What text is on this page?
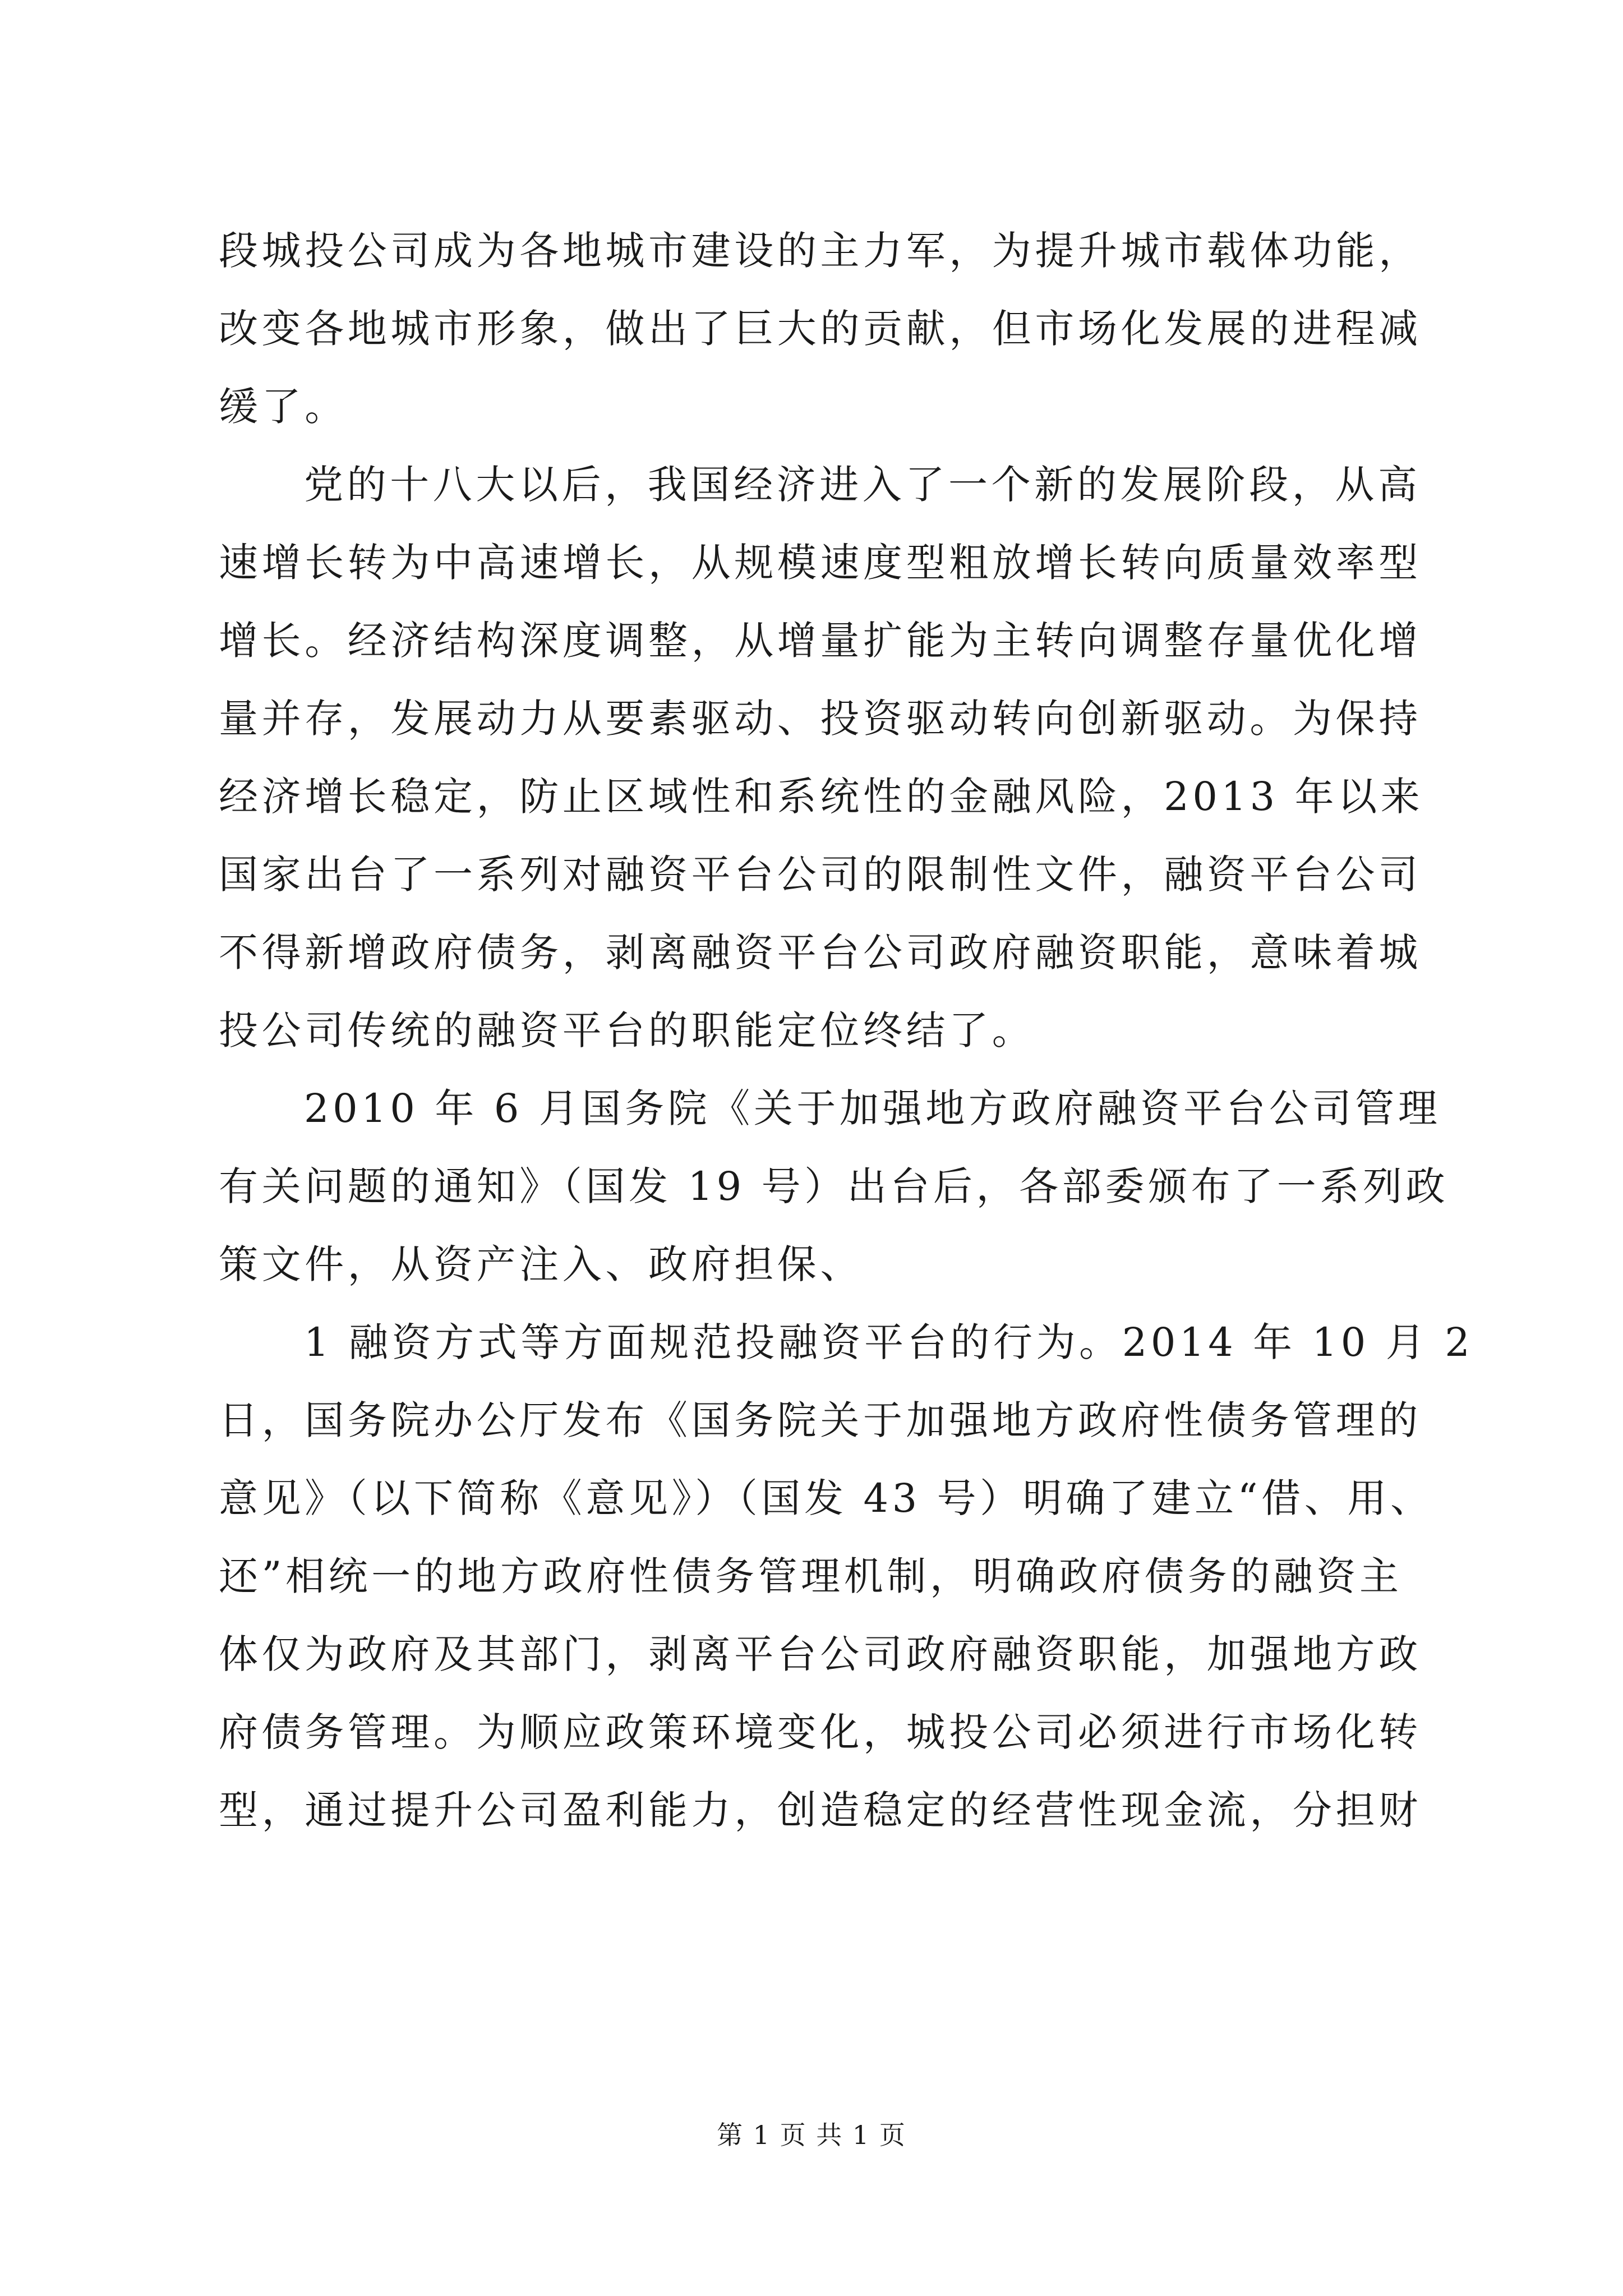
段城投公司成为各地城市建设的主力军，为提升城市载体功能，
改变各地城市形象，做出了巨大的贡献，但市场化发展的进程减
缓了。
党的十八大以后，我国经济进入了一个新的发展阶段，从高
速增长转为中高速增长，从规模速度型粗放增长转向质量效率型
增长。经济结构深度调整，从增量扩能为主转向调整存量优化增
量并存，发展动力从要素驱动、投资驱动转向创新驱动。为保持
经济增长稳定，防止区域性和系统性的金融风险，2013 年以来
国家出台了一系列对融资平台公司的限制性文件，融资平台公司
不得新增政府债务，剥离融资平台公司政府融资职能，意味着城
投公司传统的融资平台的职能定位终结了。
2010 年 6 月国务院《关于加强地方政府融资平台公司管理
有关问题的通知》（国发 19 号）出台后，各部委颁布了一系列政
策文件，从资产注入、政府担保、
1 融资方式等方面规范投融资平台的行为。2014 年 10 月 2
日，国务院办公厅发布《国务院关于加强地方政府性债务管理的
意见》（以下简称《意见》）（国发 43 号）明确了建立“借、用、
还”相统一的地方政府性债务管理机制，明确政府债务的融资主
体仅为政府及其部门，剥离平台公司政府融资职能，加强地方政
府债务管理。为顺应政策环境变化，城投公司必须进行市场化转
型，通过提升公司盈利能力，创造稳定的经营性现金流，分担财
第 1 页 共 1 页
